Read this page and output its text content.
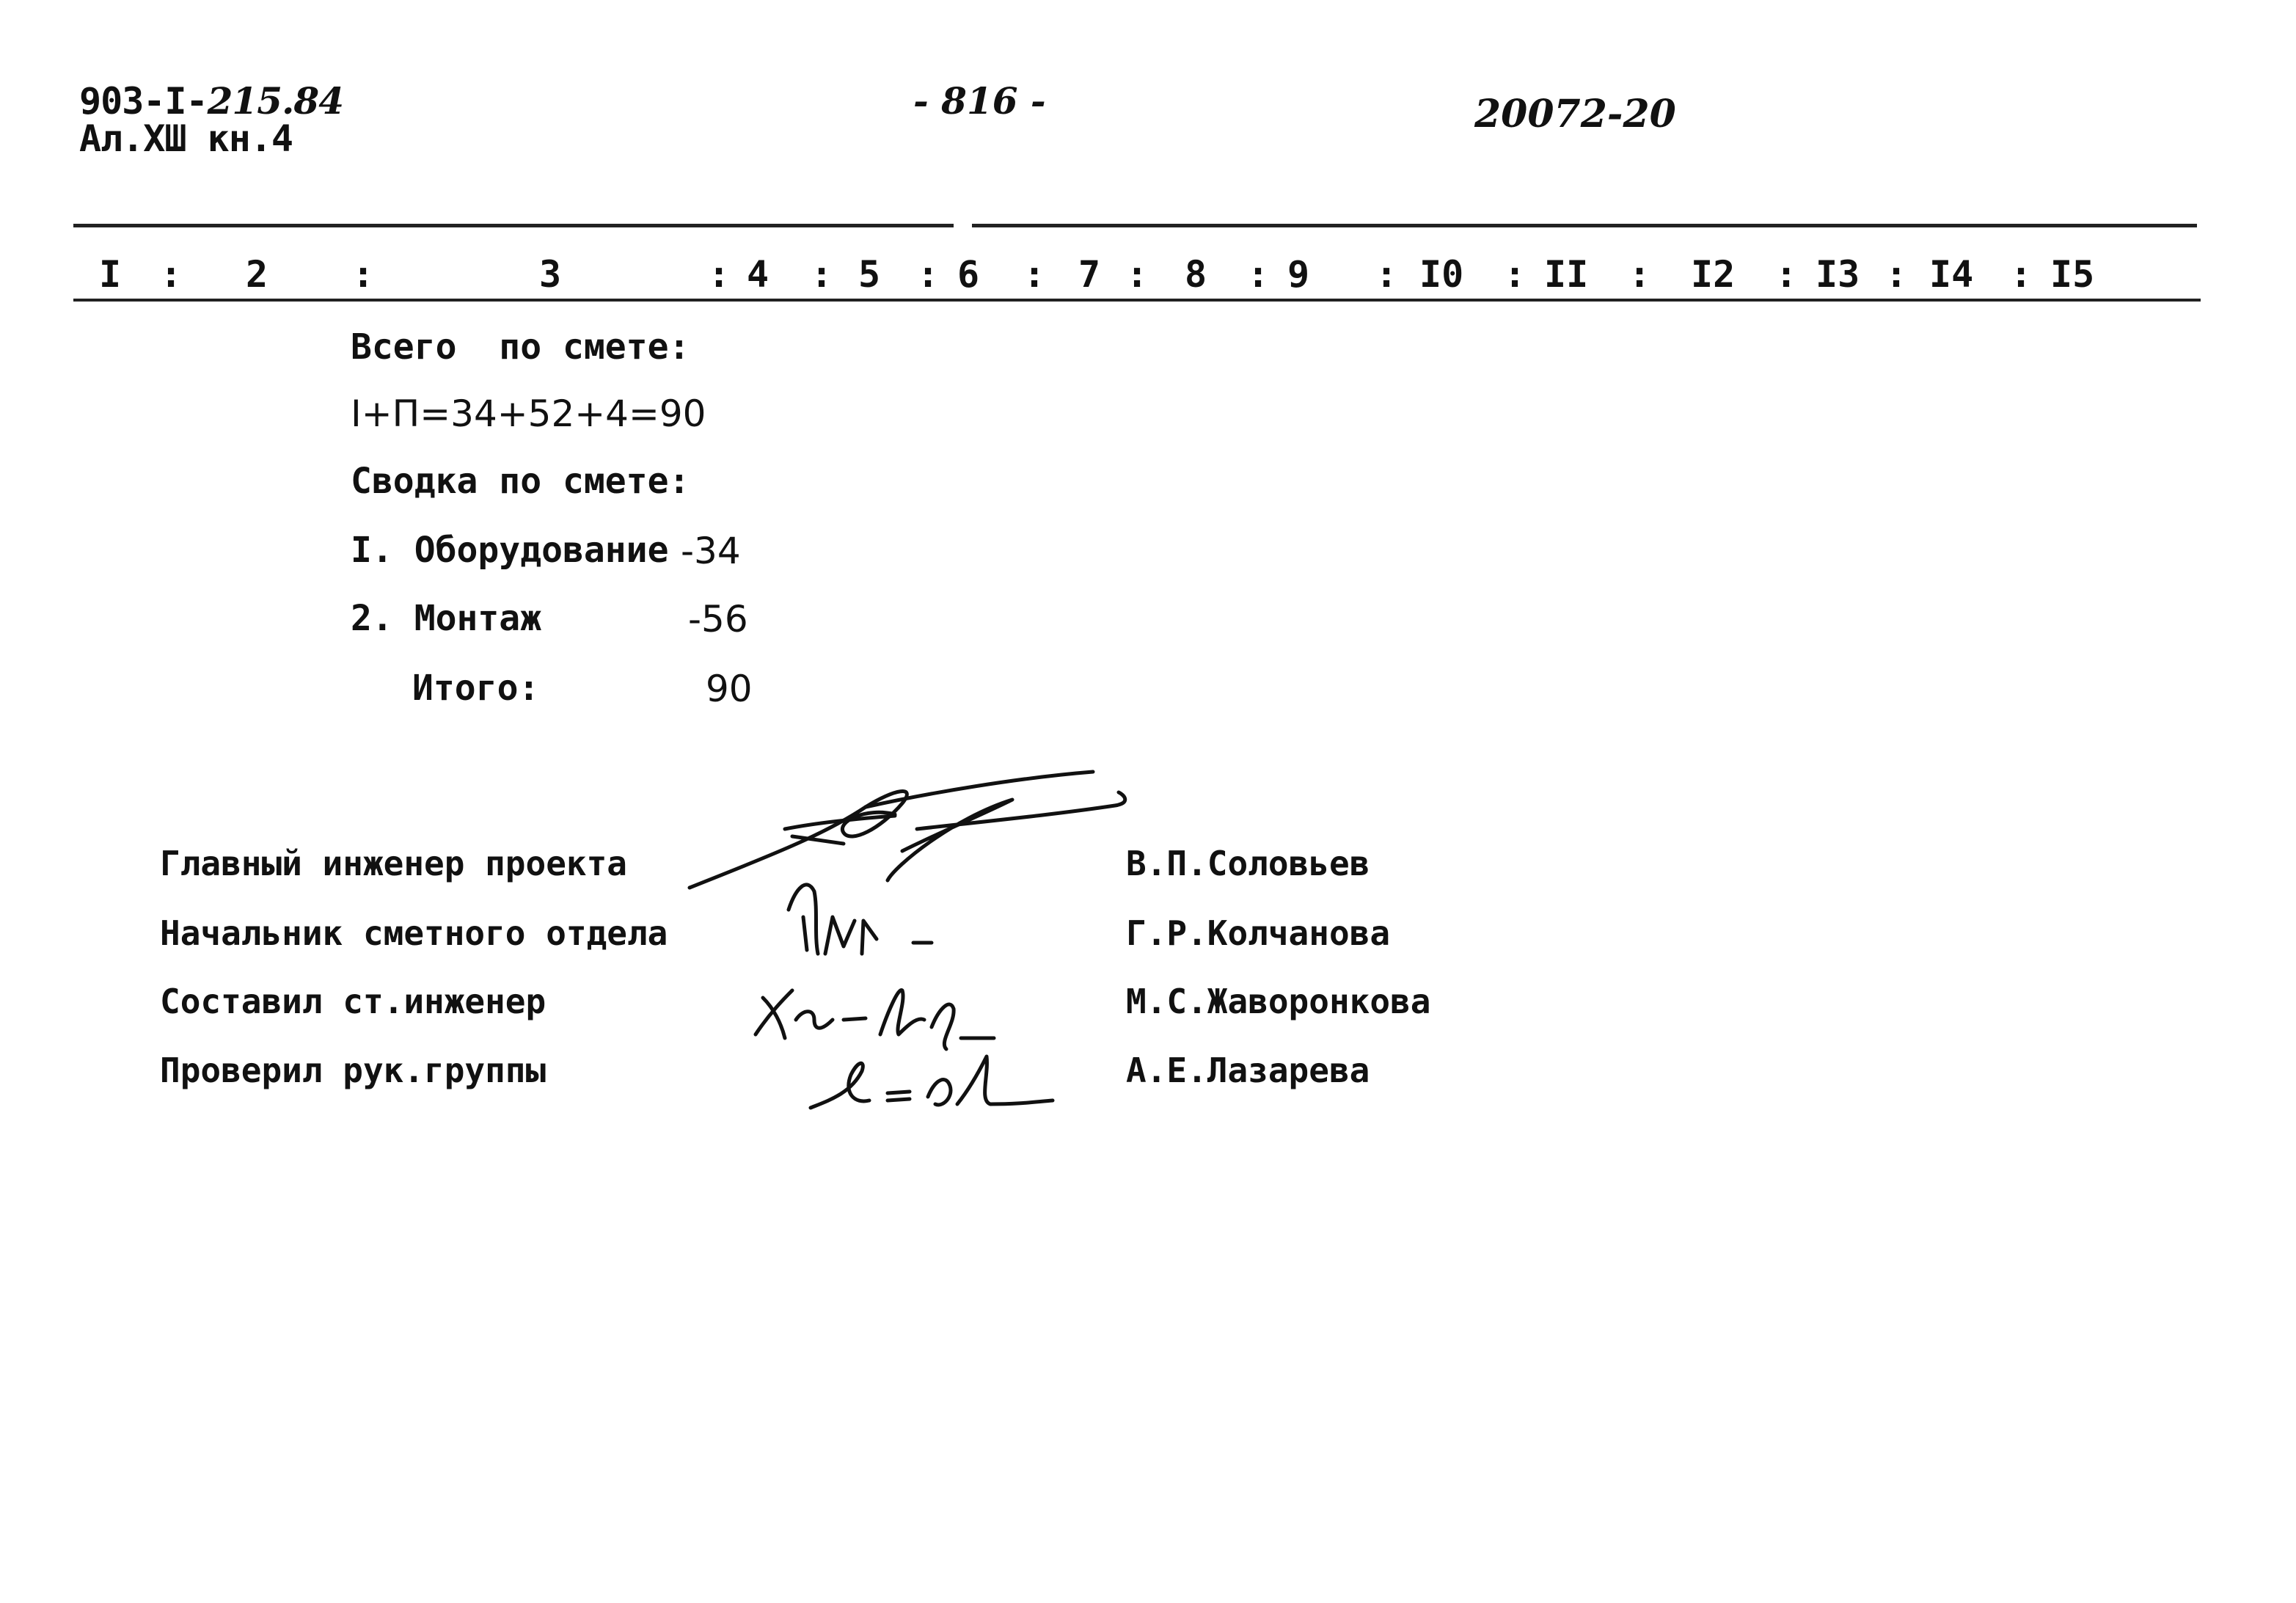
903-I-215.84
Ал.XШ кн.4
- 816 -	20072-20
I : 2 :	3	: 4 : 5 : 6 : 7 : 8 : 9 : I0 : II : I2 : I3 : I4 : I5
Всего  по смете:
I+П=34+52+4=90
Сводка по смете:
I. Оборудование -34
2. Монтаж	-56
Итого:	90
Главный инженер проекта	В.П.Соловьев
Начальник сметного отдела	Г.Р.Колчанова
Составил ст.инженер	М.С.Жаворонкова
Проверил рук.группы	А.Е.Лазарева
